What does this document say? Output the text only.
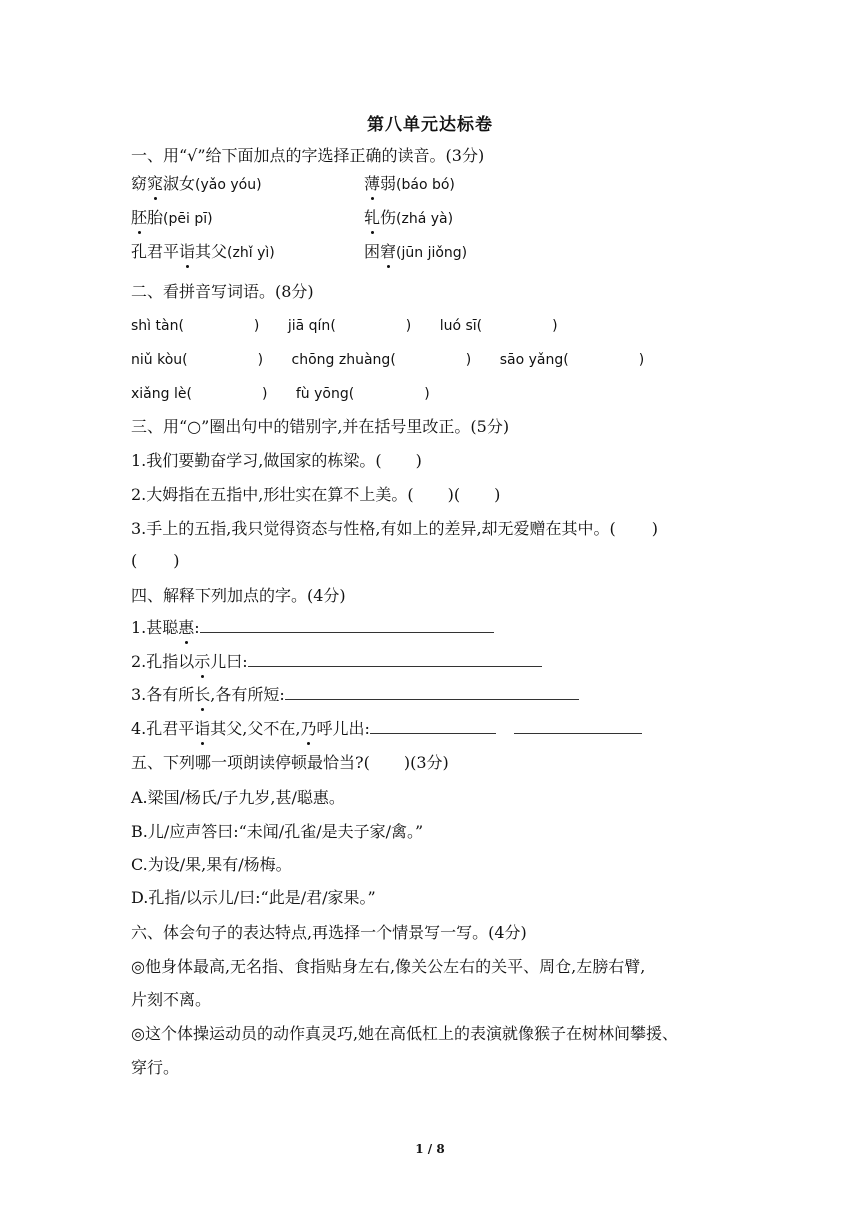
第八单元达标卷
一、用“√”给下面加点的字选择正确的读音。(3分)
窈窕淑女(yǎo yóu)	薄弱(báo bó)
胚胎(pēi pī)	轧伤(zhá yà)
孔君平诣其父(zhǐ yì)	困窘(jūn jiǒng)
二、看拼音写词语。(8分)
shì tàn(	) jiā qín(	) luó sī(	)
niǔ kòu(	) chōng zhuàng(	) sāo yǎng(	)
xiǎng lè(	) fù yōng(	)
三、用“○”圈出句中的错别字,并在括号里改正。(5分)
1.我们要勤奋学习,做国家的栋梁。( )
2.大姆指在五指中,形壮实在算不上美。( )( )
3.手上的五指,我只觉得资态与性格,有如上的差异,却无爱赠在其中。( )
( )
四、解释下列加点的字。(4分)
1.甚聪惠:
2.孔指以示儿曰:
3.各有所长,各有所短:
4.孔君平诣其父,父不在,乃呼儿出:
五、下列哪一项朗读停顿最恰当?( )(3分)
A.梁国/杨氏/子九岁,甚/聪惠。
B.儿/应声答曰:“未闻/孔雀/是夫子家/禽。”
C.为设/果,果有/杨梅。
D.孔指/以示儿/曰:“此是/君/家果。”
六、体会句子的表达特点,再选择一个情景写一写。(4分)
◎他身体最高,无名指、食指贴身左右,像关公左右的关平、周仓,左膀右臂,
片刻不离。
◎这个体操运动员的动作真灵巧,她在高低杠上的表演就像猴子在树林间攀援、
穿行。
1 / 8
